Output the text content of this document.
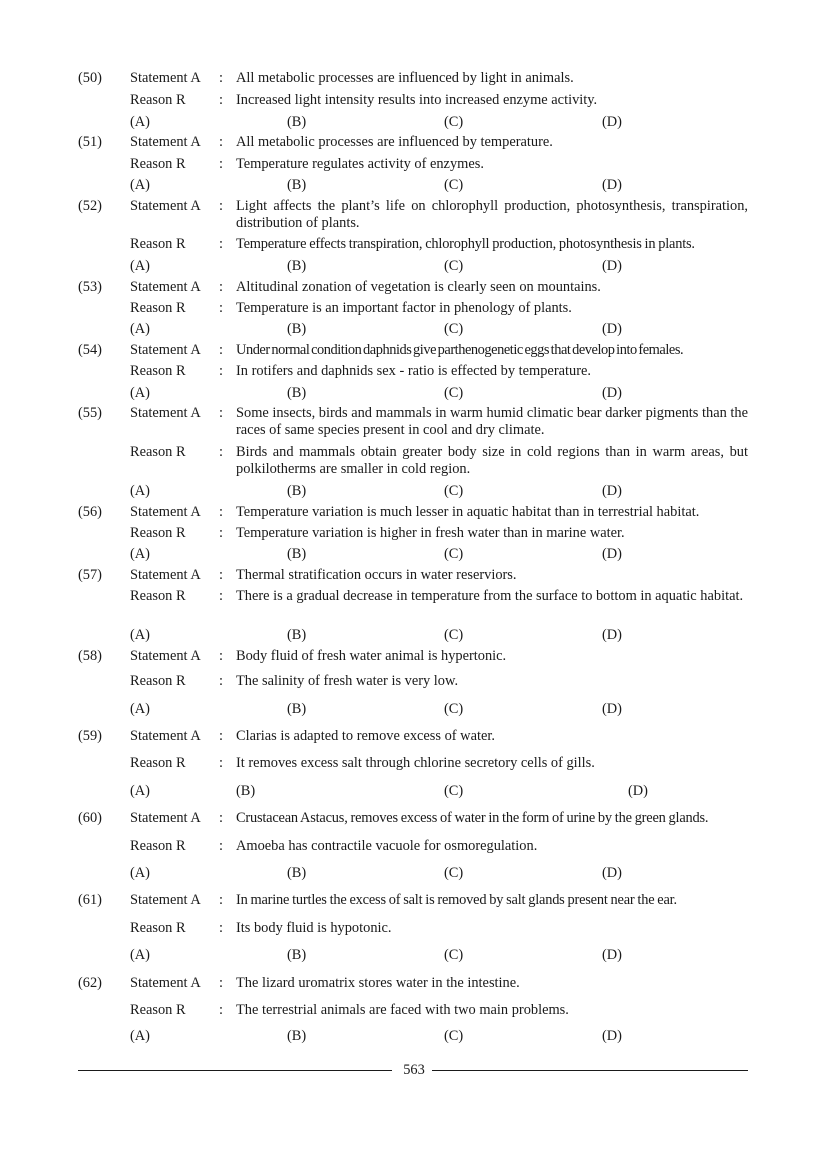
(50) Statement A : All metabolic processes are influenced by light in animals.
Reason R : Increased light intensity results into increased enzyme activity.
(A)	(B)	(C)	(D)
(51) Statement A : All metabolic processes are influenced by temperature.
Reason R : Temperature regulates activity of enzymes.
(A)	(B)	(C)	(D)
(52) Statement A : Light affects the plant’s life on chlorophyll production, photosynthesis, transpiration, distribution of plants.
Reason R : Temperature effects transpiration, chlorophyll production, photosynthesis in plants.
(A)	(B)	(C)	(D)
(53) Statement A : Altitudinal zonation of vegetation is clearly seen on mountains.
Reason R : Temperature is an important factor in phenology of plants.
(A)	(B)	(C)	(D)
(54) Statement A : Under normal condition daphnids give parthenogenetic eggs that develop into females.
Reason R : In rotifers and daphnids sex - ratio is effected by temperature.
(A)	(B)	(C)	(D)
(55) Statement A : Some insects, birds and mammals in warm humid climatic bear darker pigments than the races of same species present in cool and dry climate.
Reason R : Birds and mammals obtain greater body size in cold regions than in warm areas, but polkilotherms are smaller in cold region.
(A)	(B)	(C)	(D)
(56) Statement A : Temperature variation is much lesser in aquatic habitat than in terrestrial habitat.
Reason R : Temperature variation is higher in fresh water than in marine water.
(A)	(B)	(C)	(D)
(57) Statement A : Thermal stratification occurs in water reserviors.
Reason R : There is a gradual decrease in temperature from the surface to bottom in aquatic habitat.
(A)	(B)	(C)	(D)
(58) Statement A : Body fluid of fresh water animal is hypertonic.
Reason R : The salinity of fresh water is very low.
(A)	(B)	(C)	(D)
(59) Statement A : Clarias is adapted to remove excess of water.
Reason R : It removes excess salt through chlorine secretory cells of gills.
(A)	(B)	(C)	(D)
(60) Statement A : Crustacean Astacus, removes excess of water in the form of urine by the green glands.
Reason R : Amoeba has contractile vacuole for osmoregulation.
(A)	(B)	(C)	(D)
(61) Statement A : In marine turtles the excess of salt is removed by salt glands present near the ear.
Reason R : Its body fluid is hypotonic.
(A)	(B)	(C)	(D)
(62) Statement A : The lizard uromatrix stores water in the intestine.
Reason R : The terrestrial animals are faced with two main problems.
(A)	(B)	(C)	(D)
563
